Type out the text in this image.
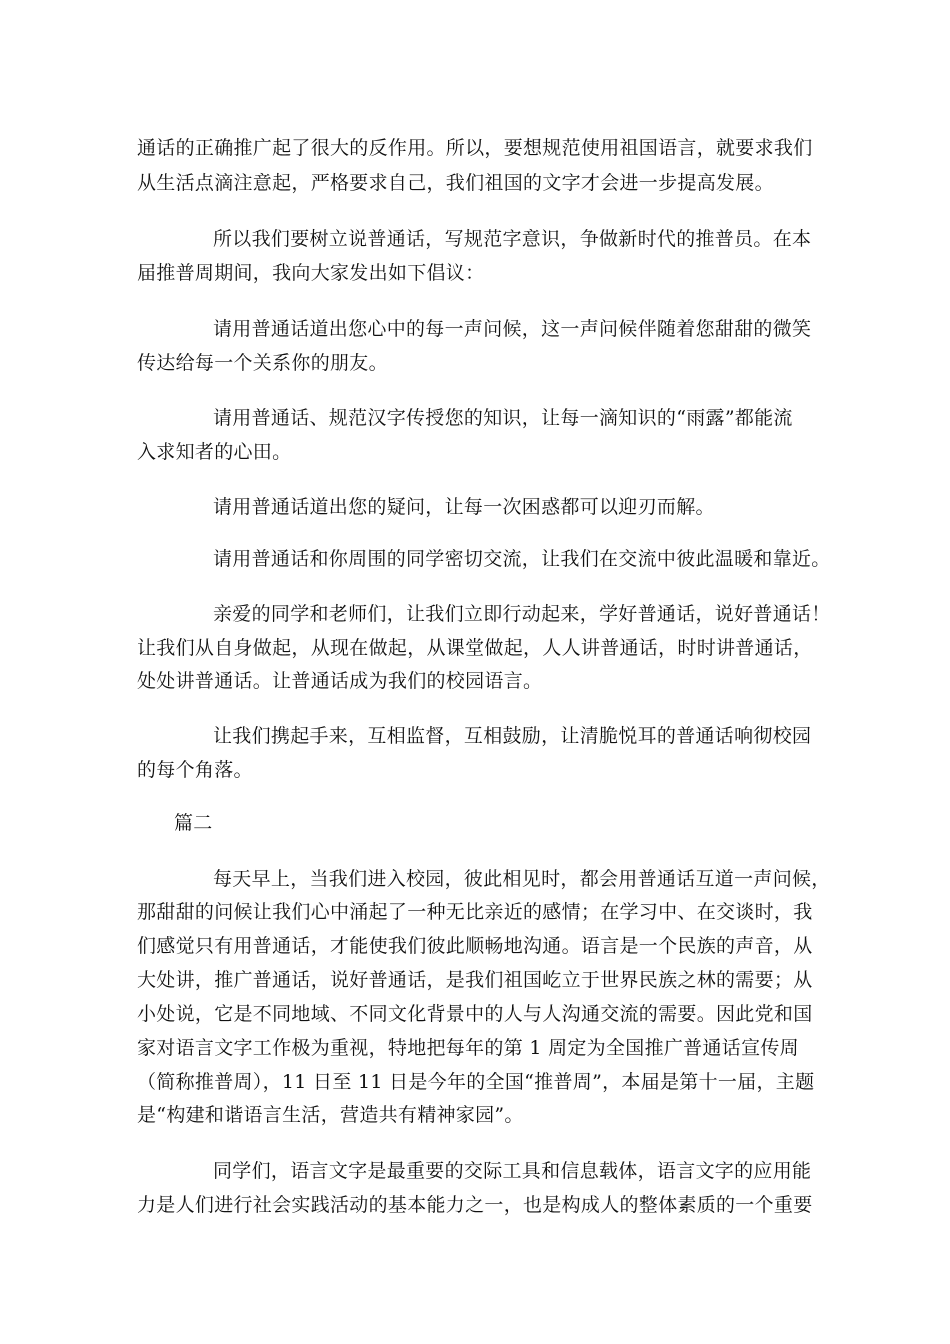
通话的正确推广起了很大的反作用。所以，要想规范使用祖国语言，就要求我们
从生活点滴注意起，严格要求自己，我们祖国的文字才会进一步提高发展。
所以我们要树立说普通话，写规范字意识，争做新时代的推普员。在本
届推普周期间，我向大家发出如下倡议：
请用普通话道出您心中的每一声问候，这一声问候伴随着您甜甜的微笑
传达给每一个关系你的朋友。
请用普通话、规范汉字传授您的知识，让每一滴知识的“雨露”都能流
入求知者的心田。
请用普通话道出您的疑问，让每一次困惑都可以迎刃而解。
请用普通话和你周围的同学密切交流，让我们在交流中彼此温暖和靠近。
亲爱的同学和老师们，让我们立即行动起来，学好普通话，说好普通话！
让我们从自身做起，从现在做起，从课堂做起，人人讲普通话，时时讲普通话，
处处讲普通话。让普通话成为我们的校园语言。
让我们携起手来，互相监督，互相鼓励，让清脆悦耳的普通话响彻校园
的每个角落。
篇二
每天早上，当我们进入校园，彼此相见时，都会用普通话互道一声问候，
那甜甜的问候让我们心中涌起了一种无比亲近的感情；在学习中、在交谈时，我
们感觉只有用普通话，才能使我们彼此顺畅地沟通。语言是一个民族的声音，从
大处讲，推广普通话，说好普通话，是我们祖国屹立于世界民族之林的需要；从
小处说，它是不同地域、不同文化背景中的人与人沟通交流的需要。因此党和国
家对语言文字工作极为重视，特地把每年的第 1 周定为全国推广普通话宣传周
（简称推普周），11 日至 11 日是今年的全国“推普周”，本届是第十一届，主题
是“构建和谐语言生活，营造共有精神家园”。
同学们，语言文字是最重要的交际工具和信息载体，语言文字的应用能
力是人们进行社会实践活动的基本能力之一，也是构成人的整体素质的一个重要
